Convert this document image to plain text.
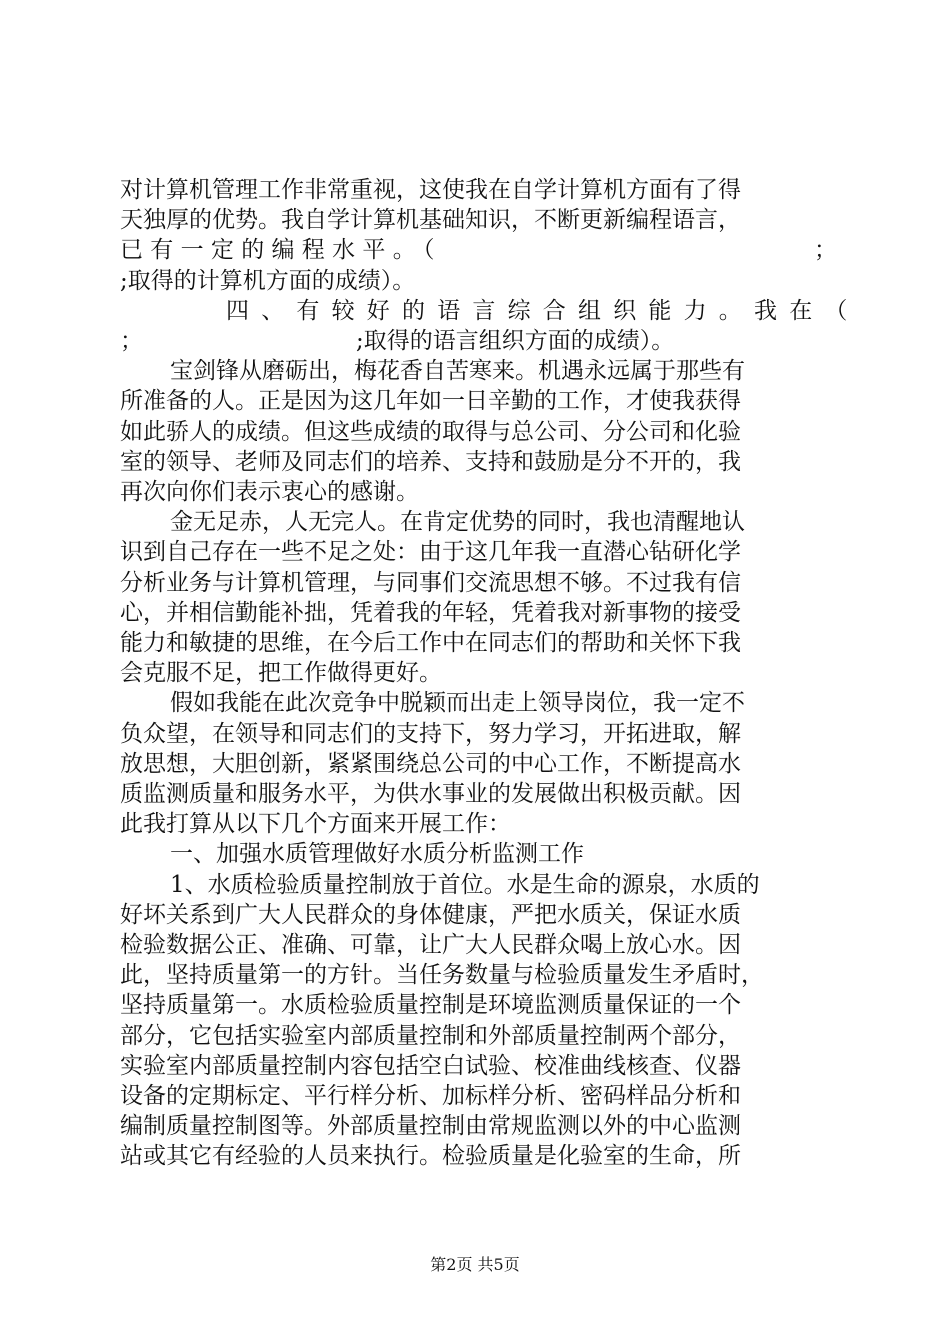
对计算机管理工作非常重视，这使我在自学计算机方面有了得
天独厚的优势。我自学计算机基础知识，不断更新编程语言，
已有一定的编程水平。（	；
;取得的计算机方面的成绩）。
四、有较好的语言综合组织能力。我在（
；	;取得的语言组织方面的成绩）。
宝剑锋从磨砺出，梅花香自苦寒来。机遇永远属于那些有
所准备的人。正是因为这几年如一日辛勤的工作，才使我获得
如此骄人的成绩。但这些成绩的取得与总公司、分公司和化验
室的领导、老师及同志们的培养、支持和鼓励是分不开的，我
再次向你们表示衷心的感谢。
金无足赤，人无完人。在肯定优势的同时，我也清醒地认
识到自己存在一些不足之处：由于这几年我一直潜心钻研化学
分析业务与计算机管理，与同事们交流思想不够。不过我有信
心，并相信勤能补拙，凭着我的年轻，凭着我对新事物的接受
能力和敏捷的思维，在今后工作中在同志们的帮助和关怀下我
会克服不足，把工作做得更好。
假如我能在此次竞争中脱颖而出走上领导岗位，我一定不
负众望，在领导和同志们的支持下，努力学习，开拓进取，解
放思想，大胆创新，紧紧围绕总公司的中心工作，不断提高水
质监测质量和服务水平，为供水事业的发展做出积极贡献。因
此我打算从以下几个方面来开展工作：
一、加强水质管理做好水质分析监测工作
1、水质检验质量控制放于首位。水是生命的源泉，水质的
好坏关系到广大人民群众的身体健康，严把水质关，保证水质
检验数据公正、准确、可靠，让广大人民群众喝上放心水。因
此，坚持质量第一的方针。当任务数量与检验质量发生矛盾时，
坚持质量第一。水质检验质量控制是环境监测质量保证的一个
部分，它包括实验室内部质量控制和外部质量控制两个部分，
实验室内部质量控制内容包括空白试验、校准曲线核查、仪器
设备的定期标定、平行样分析、加标样分析、密码样品分析和
第2页 共5页
编制质量控制图等。外部质量控制由常规监测以外的中心监测
站或其它有经验的人员来执行。检验质量是化验室的生命，所
